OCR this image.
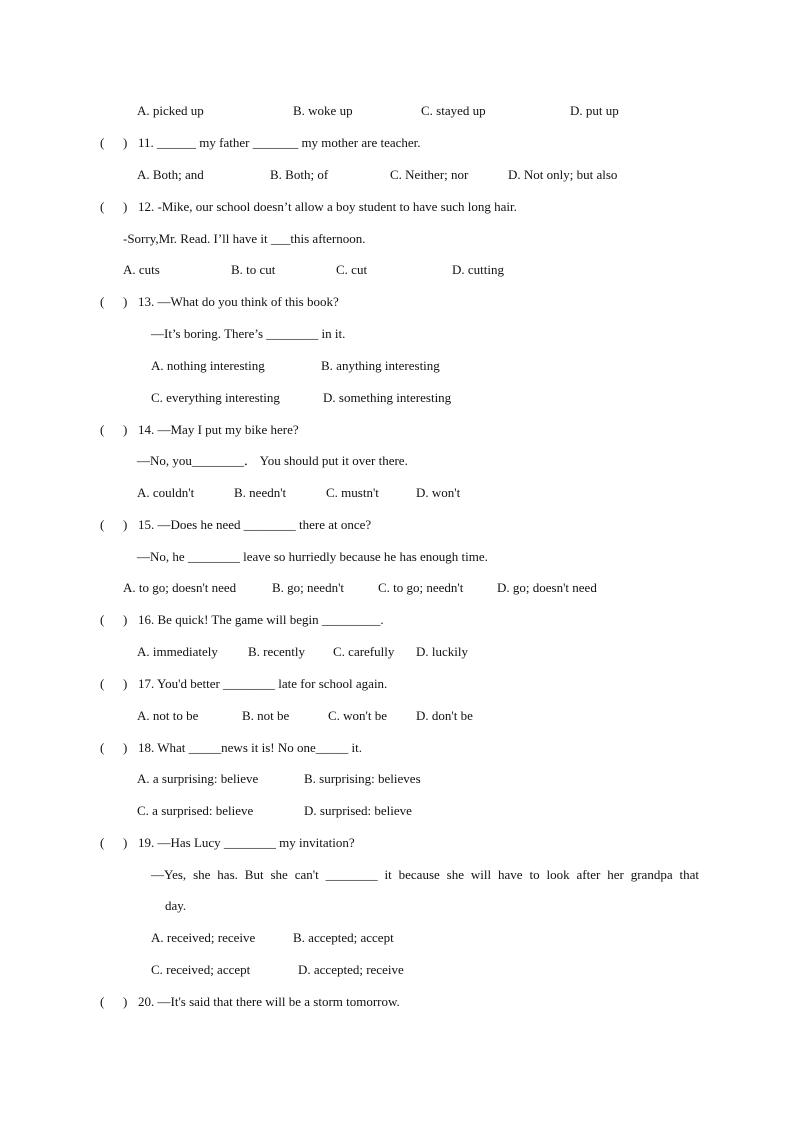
A. picked up	B. woke up	C. stayed up	D. put up
( ) 11. ______ my father _______ my mother are teacher.
A. Both; and	B. Both; of	C. Neither; nor	D. Not only; but also
( ) 12. -Mike, our school doesn’t allow a boy student to have such long hair.
-Sorry,Mr. Read. I’ll have it ___this afternoon.
A. cuts	B. to cut	C. cut	D. cutting
( ) 13. —What do you think of this book?
—It’s boring. There’s ________ in it.
A. nothing interesting	B. anything interesting
C. everything interesting	D. something interesting
( ) 14. —May I put my bike here?
—No, you________． You should put it over there.
A. couldn't	B. needn't	C. mustn't	D. won't
( ) 15. —Does he need ________ there at once?
—No, he ________ leave so hurriedly because he has enough time.
A. to go; doesn't need	B. go; needn't	C. to go; needn't	D. go; doesn't need
( ) 16. Be quick! The game will begin _________.
A. immediately B. recently C. carefully D. luckily
( ) 17. You'd better ________ late for school again.
A. not to be	B. not be	C. won't be D. don't be
( ) 18. What _____news it is! No one_____ it.
A. a surprising: believe	B. surprising: believes
C. a surprised: believe	D. surprised: believe
( ) 19. —Has Lucy ________ my invitation?
—Yes, she has. But she can't ________ it because she will have to look after her grandpa that
day.
A. received; receive	B. accepted; accept
C. received; accept	D. accepted; receive
( ) 20. —It's said that there will be a storm tomorrow.
